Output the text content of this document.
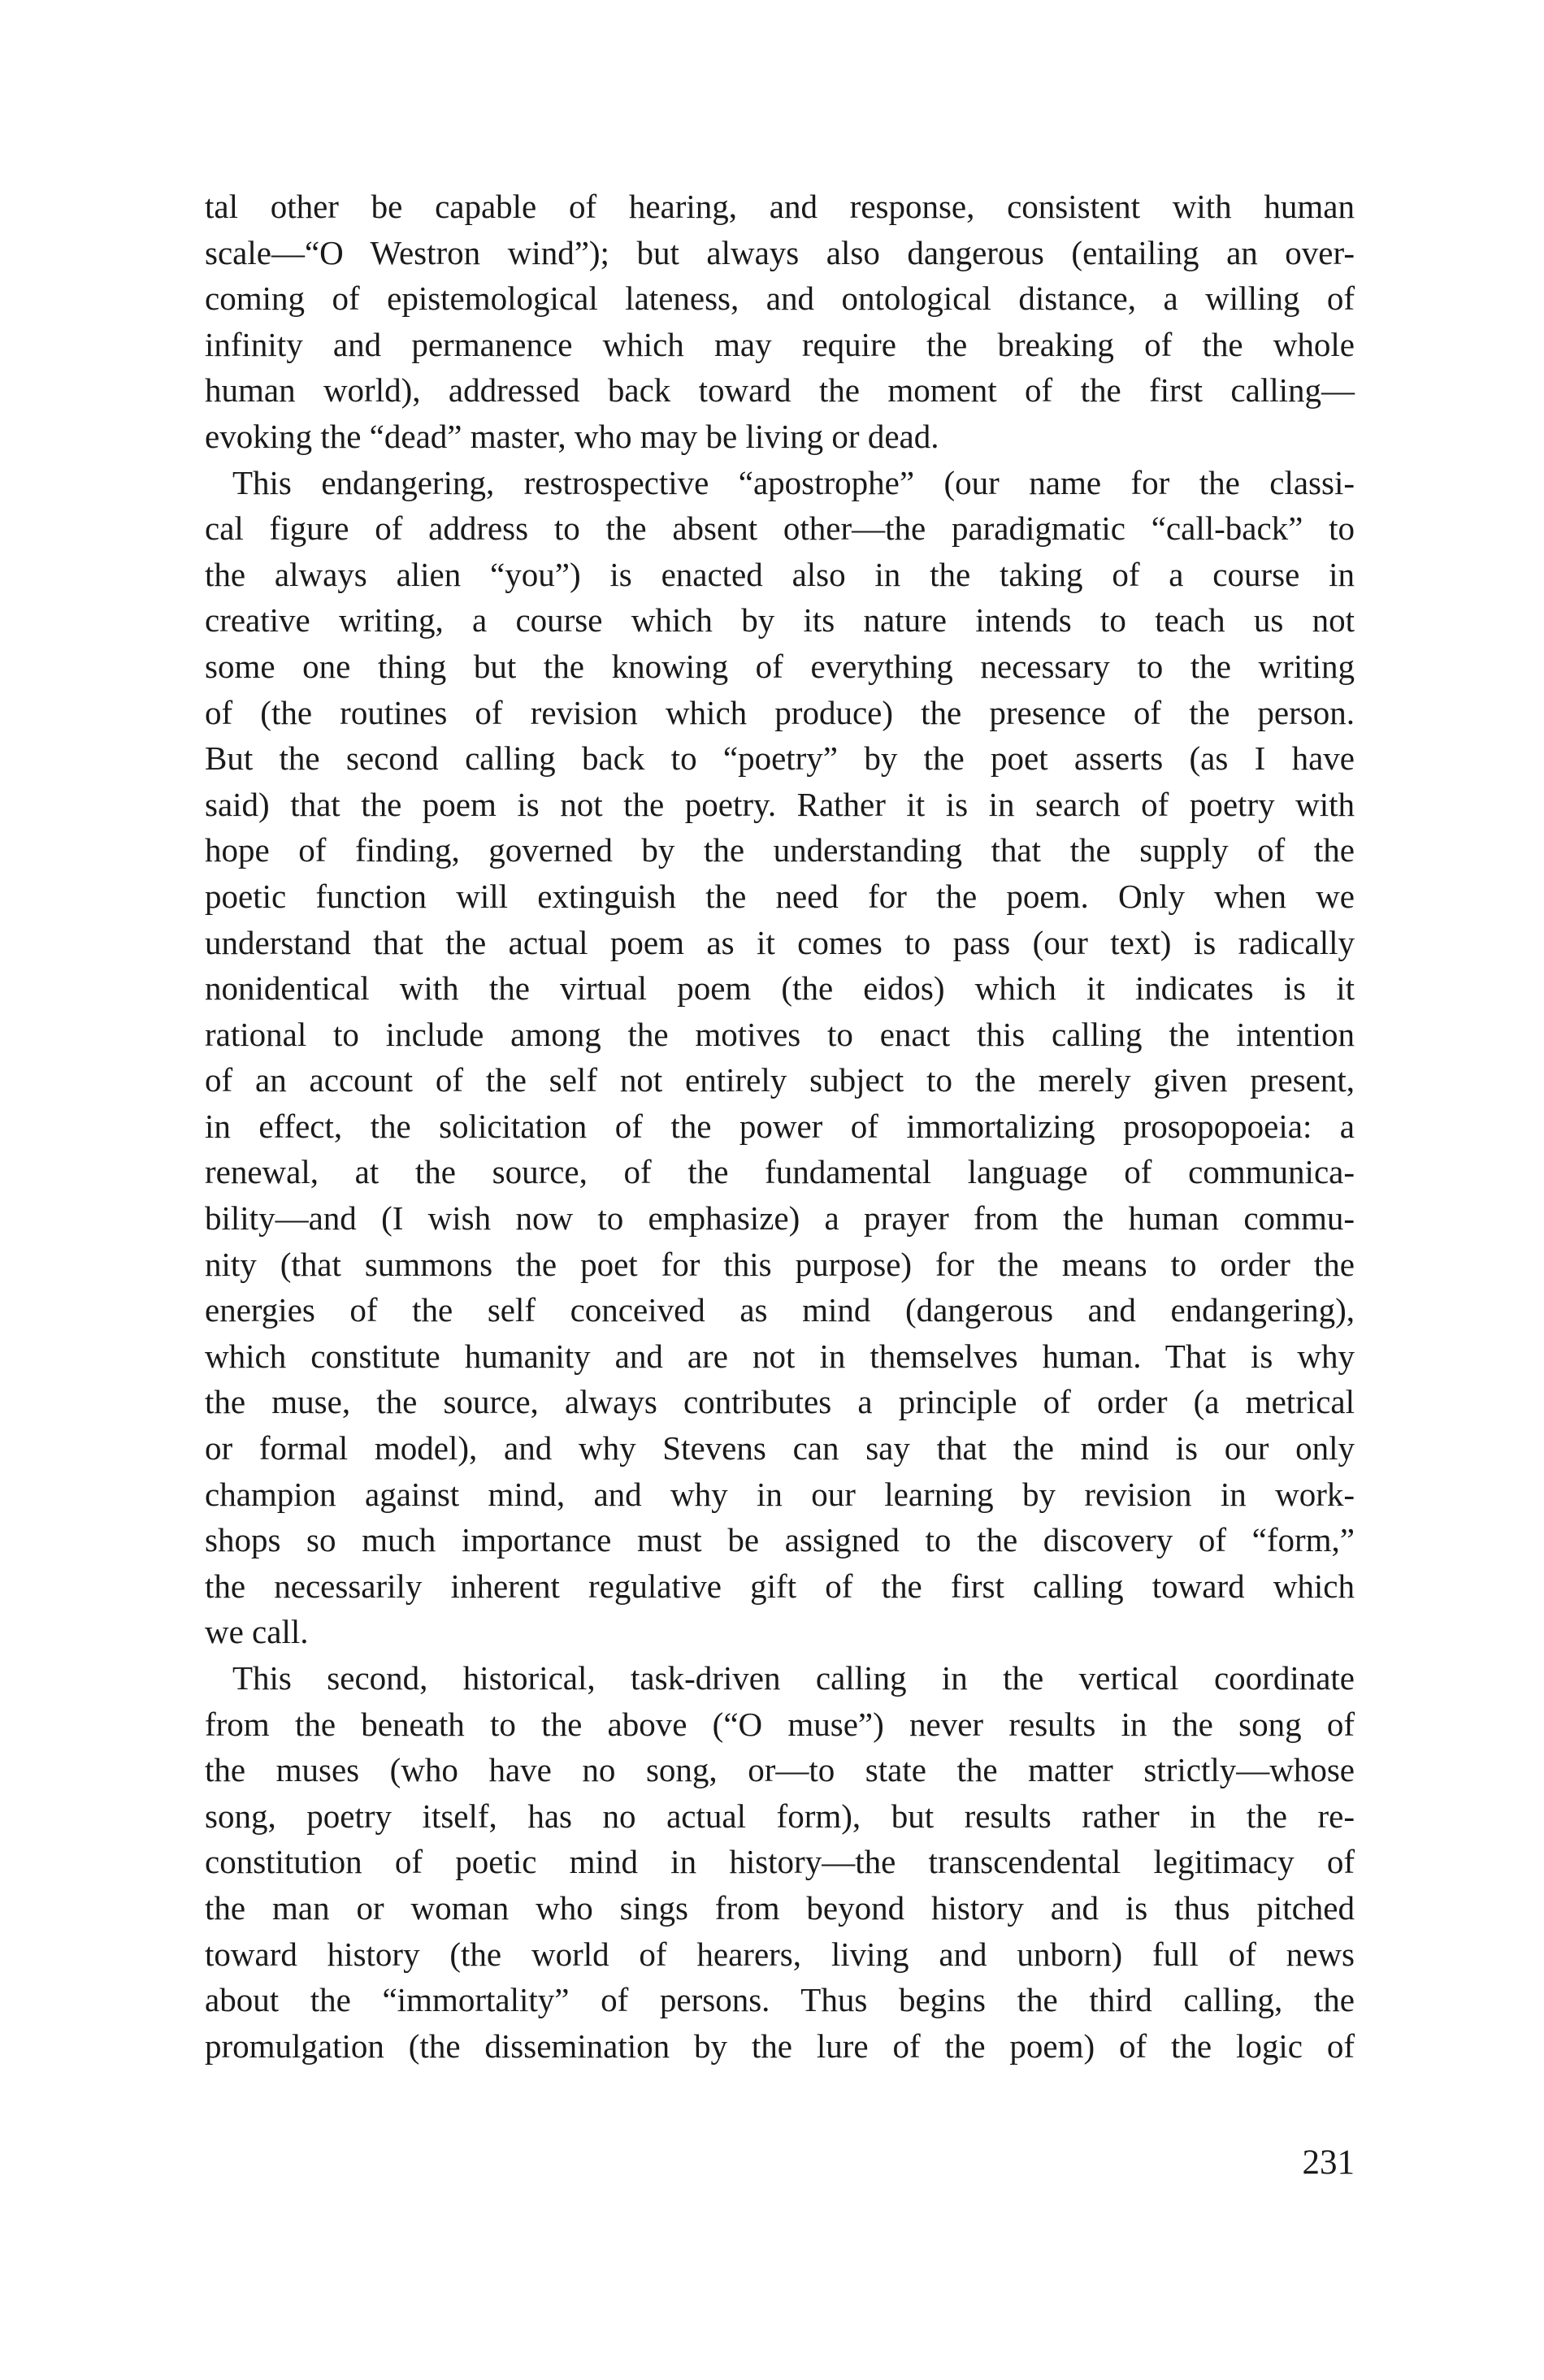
tal other be capable of hearing, and response, consistent with human
scale—“O Westron wind”); but always also dangerous (entailing an over-
coming of epistemological lateness, and ontological distance, a willing of
infinity and permanence which may require the breaking of the whole
human world), addressed back toward the moment of the first calling—
evoking the “dead” master, who may be living or dead.
This endangering, restrospective “apostrophe” (our name for the classi-
cal figure of address to the absent other—the paradigmatic “call-back” to
the always alien “you”) is enacted also in the taking of a course in
creative writing, a course which by its nature intends to teach us not
some one thing but the knowing of everything necessary to the writing
of (the routines of revision which produce) the presence of the person.
But the second calling back to “poetry” by the poet asserts (as I have
said) that the poem is not the poetry. Rather it is in search of poetry with
hope of finding, governed by the understanding that the supply of the
poetic function will extinguish the need for the poem. Only when we
understand that the actual poem as it comes to pass (our text) is radically
nonidentical with the virtual poem (the eidos) which it indicates is it
rational to include among the motives to enact this calling the intention
of an account of the self not entirely subject to the merely given present,
in effect, the solicitation of the power of immortalizing prosopopoeia: a
renewal, at the source, of the fundamental language of communica-
bility—and (I wish now to emphasize) a prayer from the human commu-
nity (that summons the poet for this purpose) for the means to order the
energies of the self conceived as mind (dangerous and endangering),
which constitute humanity and are not in themselves human. That is why
the muse, the source, always contributes a principle of order (a metrical
or formal model), and why Stevens can say that the mind is our only
champion against mind, and why in our learning by revision in work-
shops so much importance must be assigned to the discovery of “form,”
the necessarily inherent regulative gift of the first calling toward which
we call.
This second, historical, task-driven calling in the vertical coordinate
from the beneath to the above (“O muse”) never results in the song of
the muses (who have no song, or—to state the matter strictly—whose
song, poetry itself, has no actual form), but results rather in the re-
constitution of poetic mind in history—the transcendental legitimacy of
the man or woman who sings from beyond history and is thus pitched
toward history (the world of hearers, living and unborn) full of news
about the “immortality” of persons. Thus begins the third calling, the
promulgation (the dissemination by the lure of the poem) of the logic of
231
